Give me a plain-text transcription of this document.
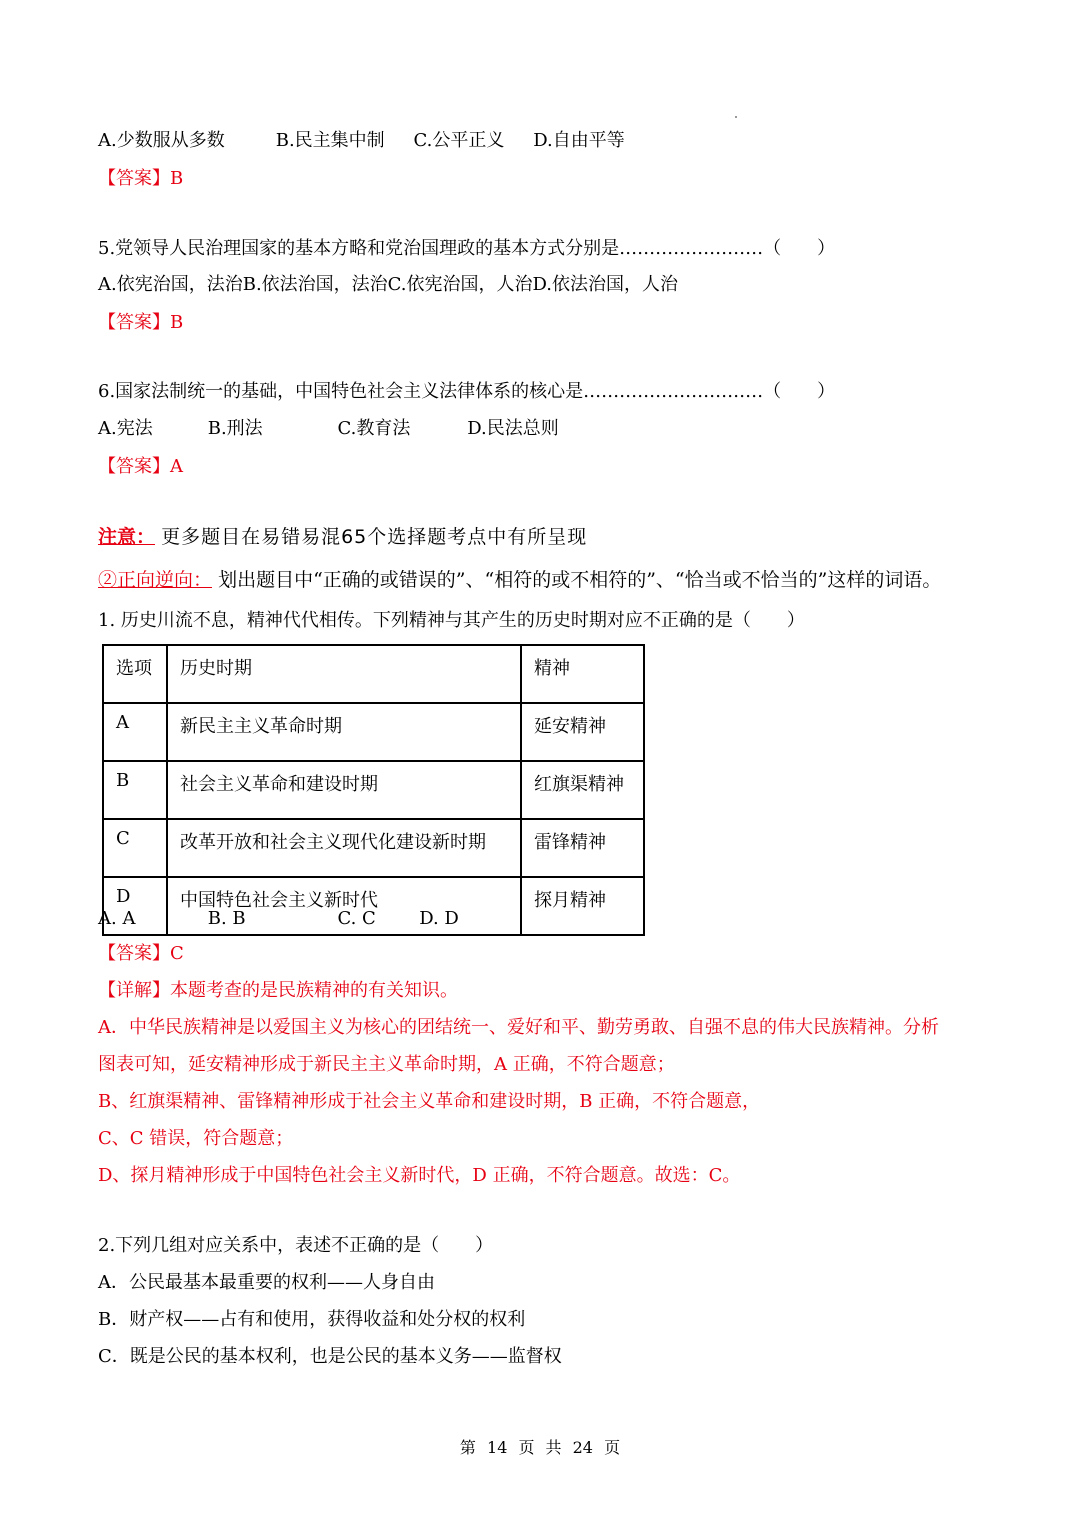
A.少数服从多数	B.民主集中制 C.公平正义 D.自由平等
【答案】B
5.党领导人民治理国家的基本方略和党治国理政的基本方式分别是……………………（　　）
A.依宪治国，法治B.依法治国，法治C.依宪治国，人治D.依法治国，人治
【答案】B
6.国家法制统一的基础，中国特色社会主义法律体系的核心是…………………………（　　）
A.宪法	B.刑法	C.教育法	D.民法总则
【答案】A
注意： 更多题目在易错易混65个选择题考点中有所呈现
②正向逆向： 划出题目中“正确的或错误的”、“相符的或不相符的”、“恰当或不恰当的”这样的词语。
1. 历史川流不息，精神代代相传。下列精神与其产生的历史时期对应不正确的是（　　）
选项	历史时期	精神
A	新民主主义革命时期	延安精神
B	社会主义革命和建设时期	红旗渠精神
C	改革开放和社会主义现代化建设新时期	雷锋精神
D	中国特色社会主义新时代	探月精神
A. A	B. B	C. C D. D
【答案】C
【详解】本题考查的是民族精神的有关知识。
A．中华民族精神是以爱国主义为核心的团结统一、爱好和平、勤劳勇敢、自强不息的伟大民族精神。分析
图表可知，延安精神形成于新民主主义革命时期，A 正确，不符合题意；
B、红旗渠精神、雷锋精神形成于社会主义革命和建设时期，B 正确，不符合题意，
C、C 错误，符合题意；
D、探月精神形成于中国特色社会主义新时代，D 正确，不符合题意。故选：C。
2.下列几组对应关系中，表述不正确的是（　　）
A．公民最基本最重要的权利——人身自由
B．财产权——占有和使用，获得收益和处分权的权利
C．既是公民的基本权利，也是公民的基本义务——监督权
第 14 页 共 24 页
